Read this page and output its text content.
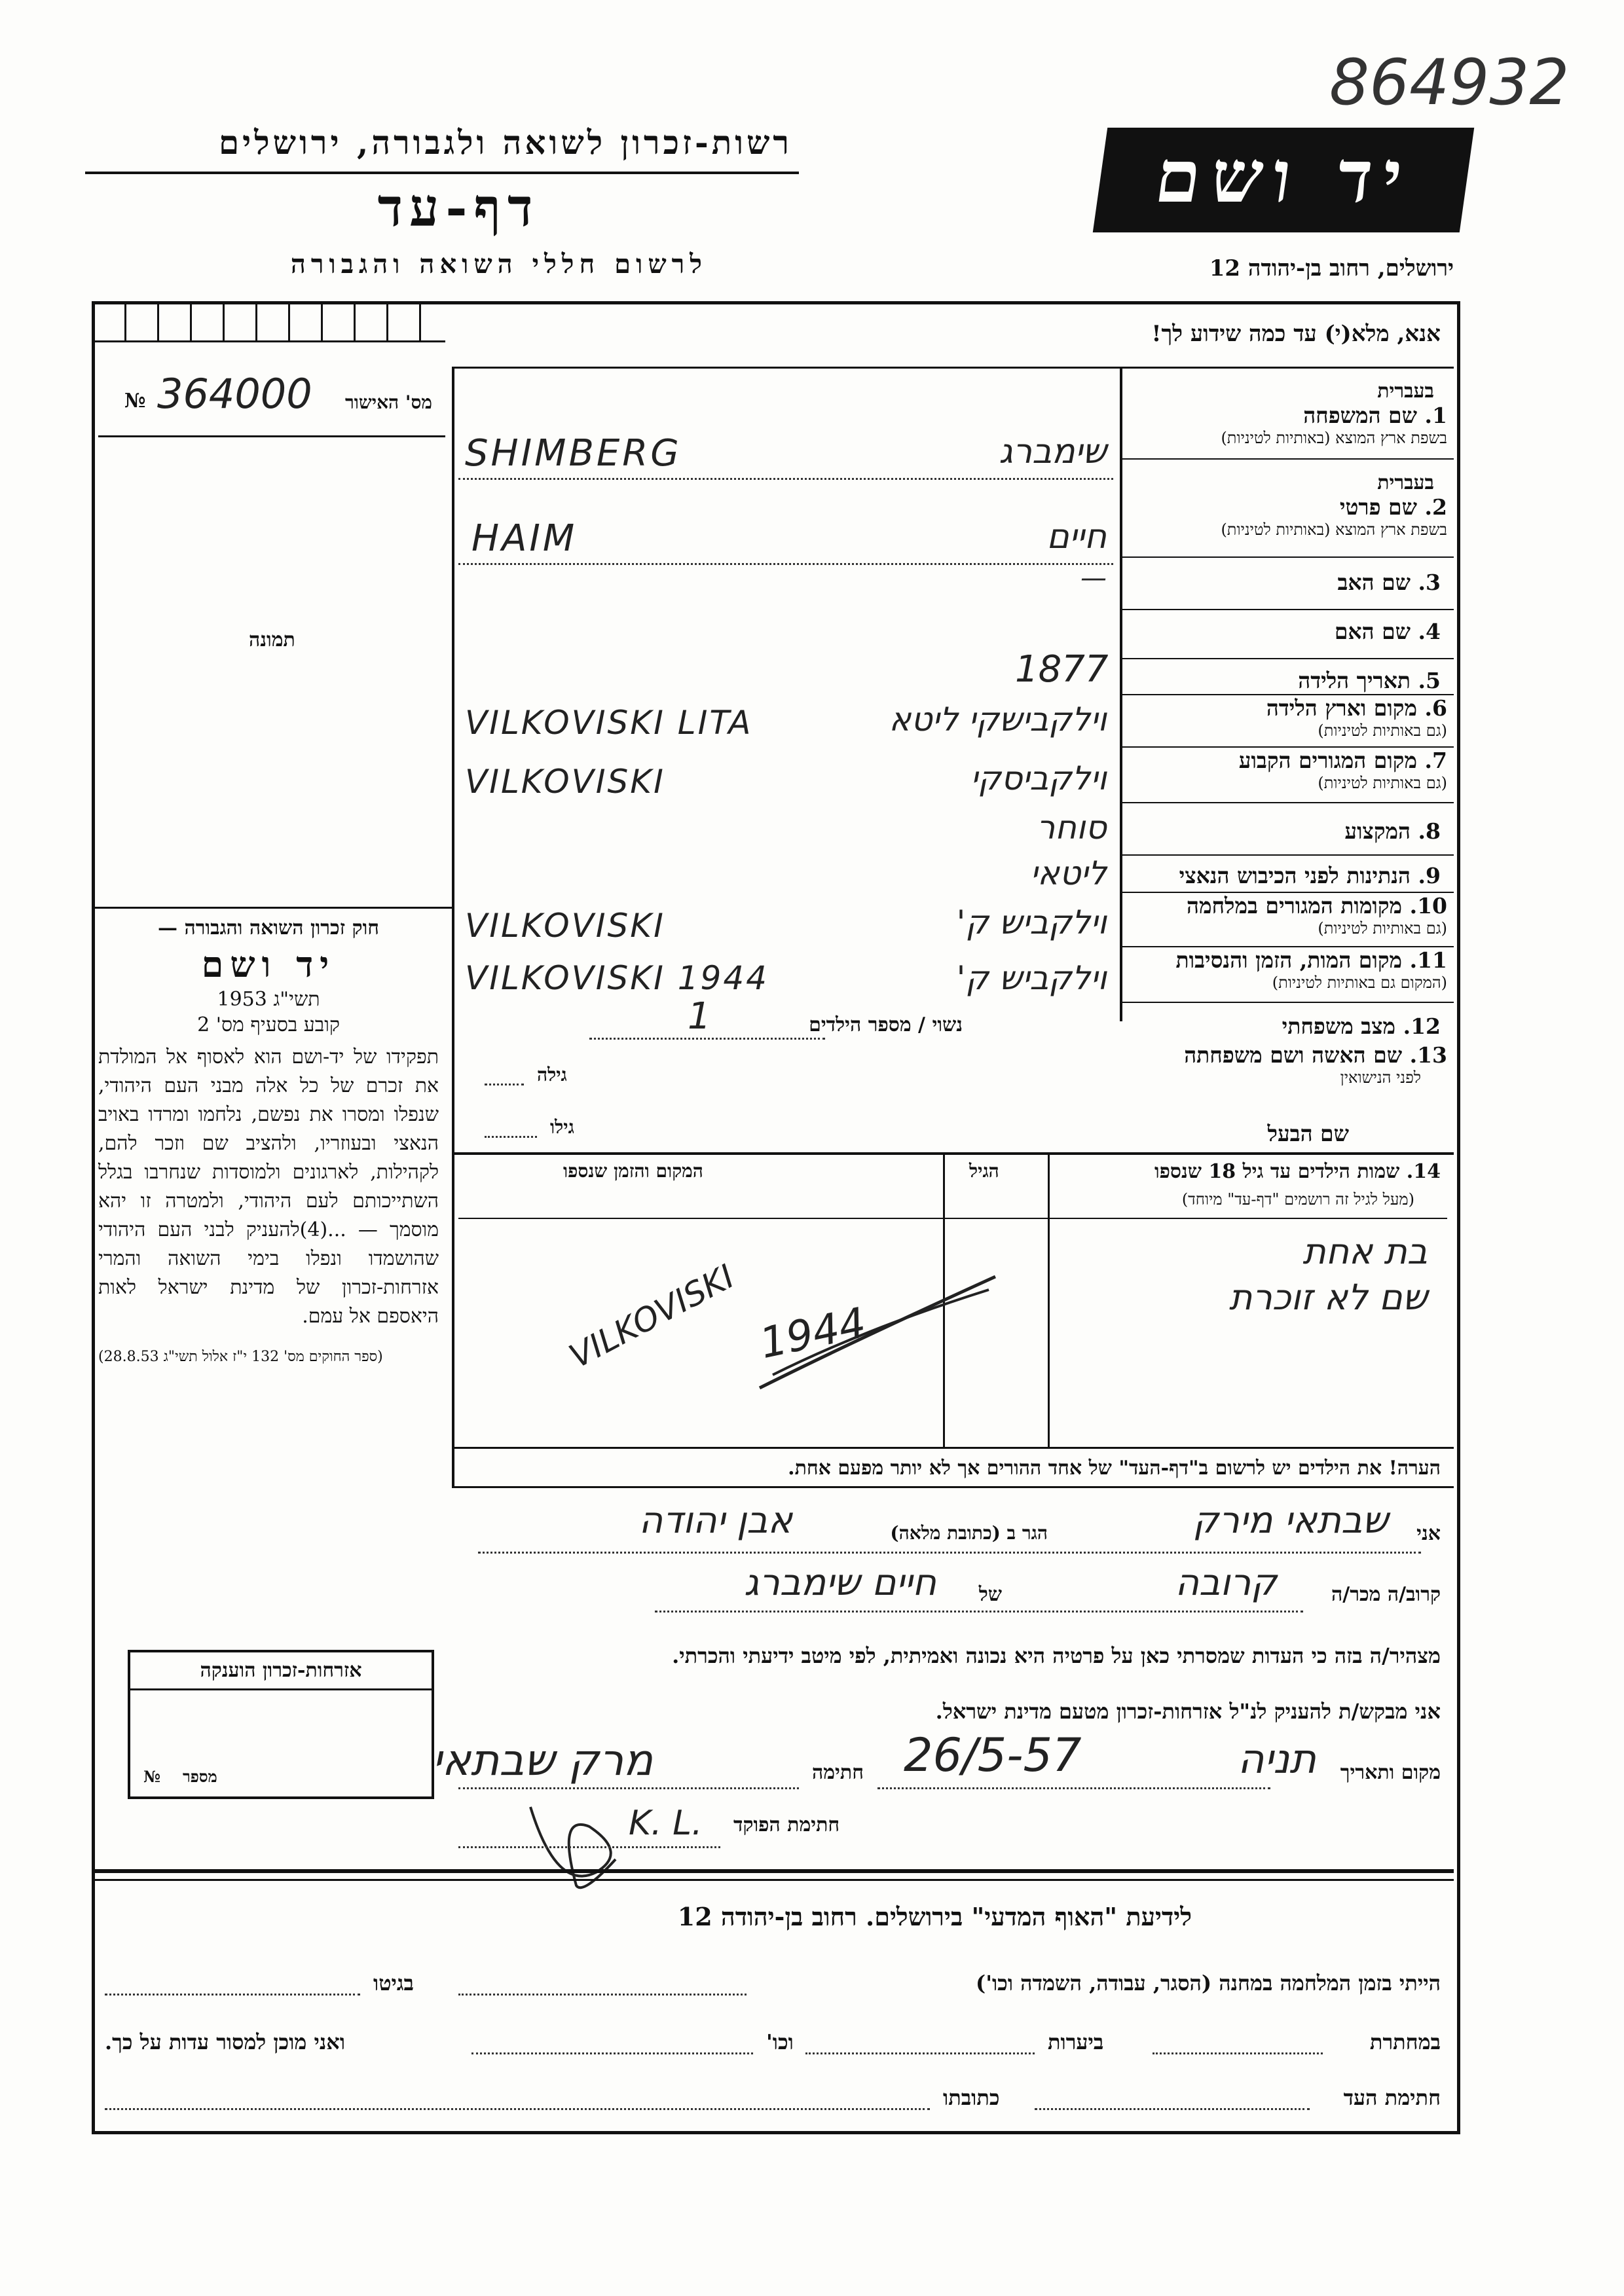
864932
רשות-זכרון לשואה ולגבורה, ירושלים
דף-עד
לרשום חללי השואה והגבורה
יד ושם
ירושלים, רחוב בן-יהודה 12
אנא, מלא(י) עד כמה שידוע לך!
№ 364000 מס' האישור
תמונה
חוק זכרון השואה והגבורה —
יד ושם
תשי"ג 1953
קובע בסעיף מס' 2
תפקידו של יד-ושם הוא לאסוף אל המולדת את זכרם של כל אלה מבני העם היהודי, שנפלו ומסרו את נפשם, נלחמו ומרדו באויב הנאצי ובעוזריו, ולהציב שם וזכר להם, לקהילות, לארגונים ולמוסדות שנחרבו בגלל השתייכותם לעם היהודי, ולמטרה זו יהא מוסמך — ...(4)להעניק לבני העם היהודי שהושמדו ונפלו בימי השואה והמרי אזרחות-זכרון של מדינת ישראל לאות היאספם אל עמם.
(ספר החוקים מס' 132 י"ז אלול תשי"ג 28.8.53)
אזרחות-זכרון הוענקה
מספר
№
בעברית
1. שם המשפחה
בשפת ארץ המוצא (באותיות לטיניות)
בעברית
2. שם פרטי
בשפת ארץ המוצא (באותיות לטיניות)
3. שם האב
4. שם האם
5. תאריך הלידה
6. מקום וארץ הלידה
(גם באותיות לטיניות)
7. מקום המגורים הקבוע
(גם באותיות לטיניות)
8. המקצוע
9. הנתינות לפני הכיבוש הנאצי
10. מקומות המגורים במלחמה
(גם באותיות לטיניות)
11. מקום המות, הזמן והנסיבות
(המקום גם באותיות לטיניות)
12. מצב משפחתי
13. שם האשה ושם משפחתה
לפני הנישואין
שם הבעל
שימברג
SHIMBERG
חיים
HAIM
—
1877
וילקבישקי ליטא
VILKOVISKI LITA
וילקביסקי
VILKOVISKI
סוחר
ליטאי
וילקביש ק'
VILKOVISKI
וילקביש ק'
VILKOVISKI 1944
נשוי / מספר הילדים
1
גילה
גילו
14. שמות הילדים עד גיל 18 שנספו
(מעל לגיל זה רושמים "דף-עד" מיוחד)
הגיל
המקום והזמן שנספו
בת אחת
שם לא זוכרת
VILKOVISKI 1944
הערה! את הילדים יש לרשום ב"דף-העד" של אחד ההורים אך לא יותר מפעם אחת.
אני
שבתאי מירק
הגר ב (כתובת מלאה)
אבן יהודה
קרוב/ה מכר/ה
קרובה
של
חיים שימברג
מצהיר/ה בזה כי העדות שמסרתי כאן על פרטיה היא נכונה ואמיתית, לפי מיטב ידיעתי והכרתי.
אני מבקש/ת להעניק לנ"ל אזרחות-זכרון מטעם מדינת ישראל.
מקום ותאריך
תניה
26/5-57
חתימה
מרק שבתאי
חתימת הפוקד
K. L.
לידיעת "האוף המדעי" בירושלים. רחוב בן-יהודה 12
הייתי בזמן המלחמה במחנה (הסגר, עבודה, השמדה וכו')
בגיטו
במחתרת
ביערות
וכו'
ואני מוכן למסור עדות על כך.
חתימת העד
כתובתו
